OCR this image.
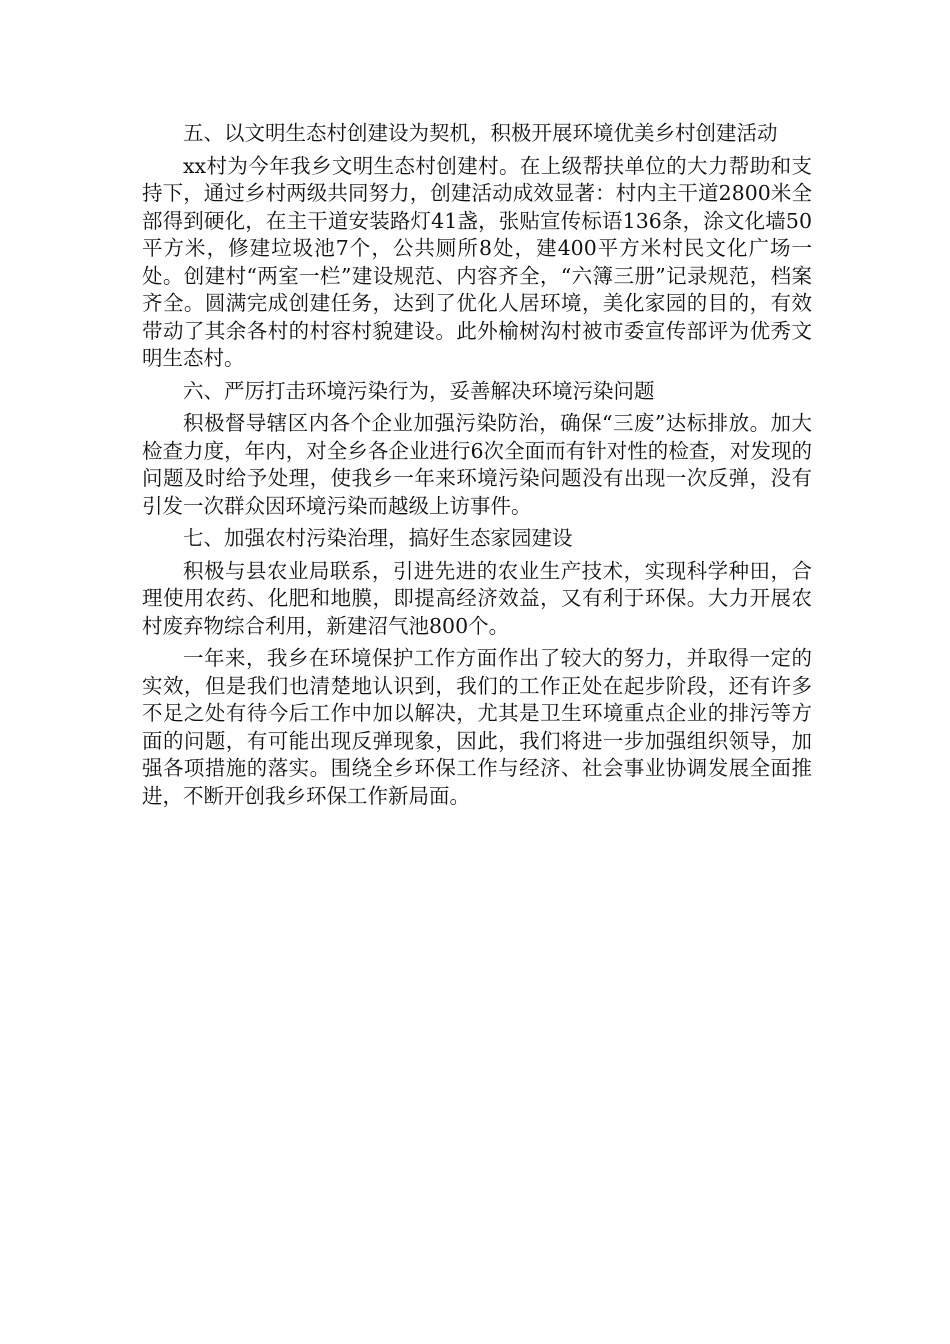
五、以文明生态村创建设为契机，积极开展环境优美乡村创建活动

xx村为今年我乡文明生态村创建村。在上级帮扶单位的大力帮助和支持下，通过乡村两级共同努力，创建活动成效显著：村内主干道2800米全部得到硬化，在主干道安装路灯41盏，张贴宣传标语136条，涂文化墙50平方米，修建垃圾池7个，公共厕所8处，建400平方米村民文化广场一处。创建村“两室一栏”建设规范、内容齐全，“六簿三册”记录规范，档案齐全。圆满完成创建任务，达到了优化人居环境，美化家园的目的，有效带动了其余各村的村容村貌建设。此外榆树沟村被市委宣传部评为优秀文明生态村。

六、严厉打击环境污染行为，妥善解决环境污染问题

积极督导辖区内各个企业加强污染防治，确保“三废”达标排放。加大检查力度，年内，对全乡各企业进行6次全面而有针对性的检查，对发现的问题及时给予处理，使我乡一年来环境污染问题没有出现一次反弹，没有引发一次群众因环境污染而越级上访事件。

七、加强农村污染治理，搞好生态家园建设

积极与县农业局联系，引进先进的农业生产技术，实现科学种田，合理使用农药、化肥和地膜，即提高经济效益，又有利于环保。大力开展农村废弃物综合利用，新建沼气池800个。

一年来，我乡在环境保护工作方面作出了较大的努力，并取得一定的实效，但是我们也清楚地认识到，我们的工作正处在起步阶段，还有许多不足之处有待今后工作中加以解决，尤其是卫生环境重点企业的排污等方面的问题，有可能出现反弹现象，因此，我们将进一步加强组织领导，加强各项措施的落实。围绕全乡环保工作与经济、社会事业协调发展全面推进，不断开创我乡环保工作新局面。
